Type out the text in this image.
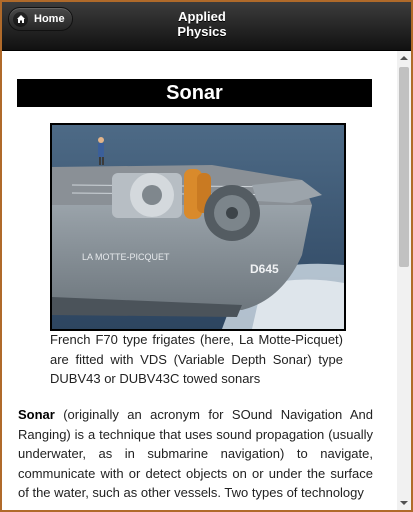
Home	Applied Physics
Sonar
LA MOTTE-PICQUET
D645
French F70 type frigates (here, La Motte-Picquet) are fitted with VDS (Variable Depth Sonar) type DUBV43 or DUBV43C towed sonars

Sonar (originally an acronym for SOund Navigation And Ranging) is a technique that uses sound propagation (usually underwater, as in submarine navigation) to navigate, communicate with or detect objects on or under the surface of the water, such as other vessels. Two types of technology
